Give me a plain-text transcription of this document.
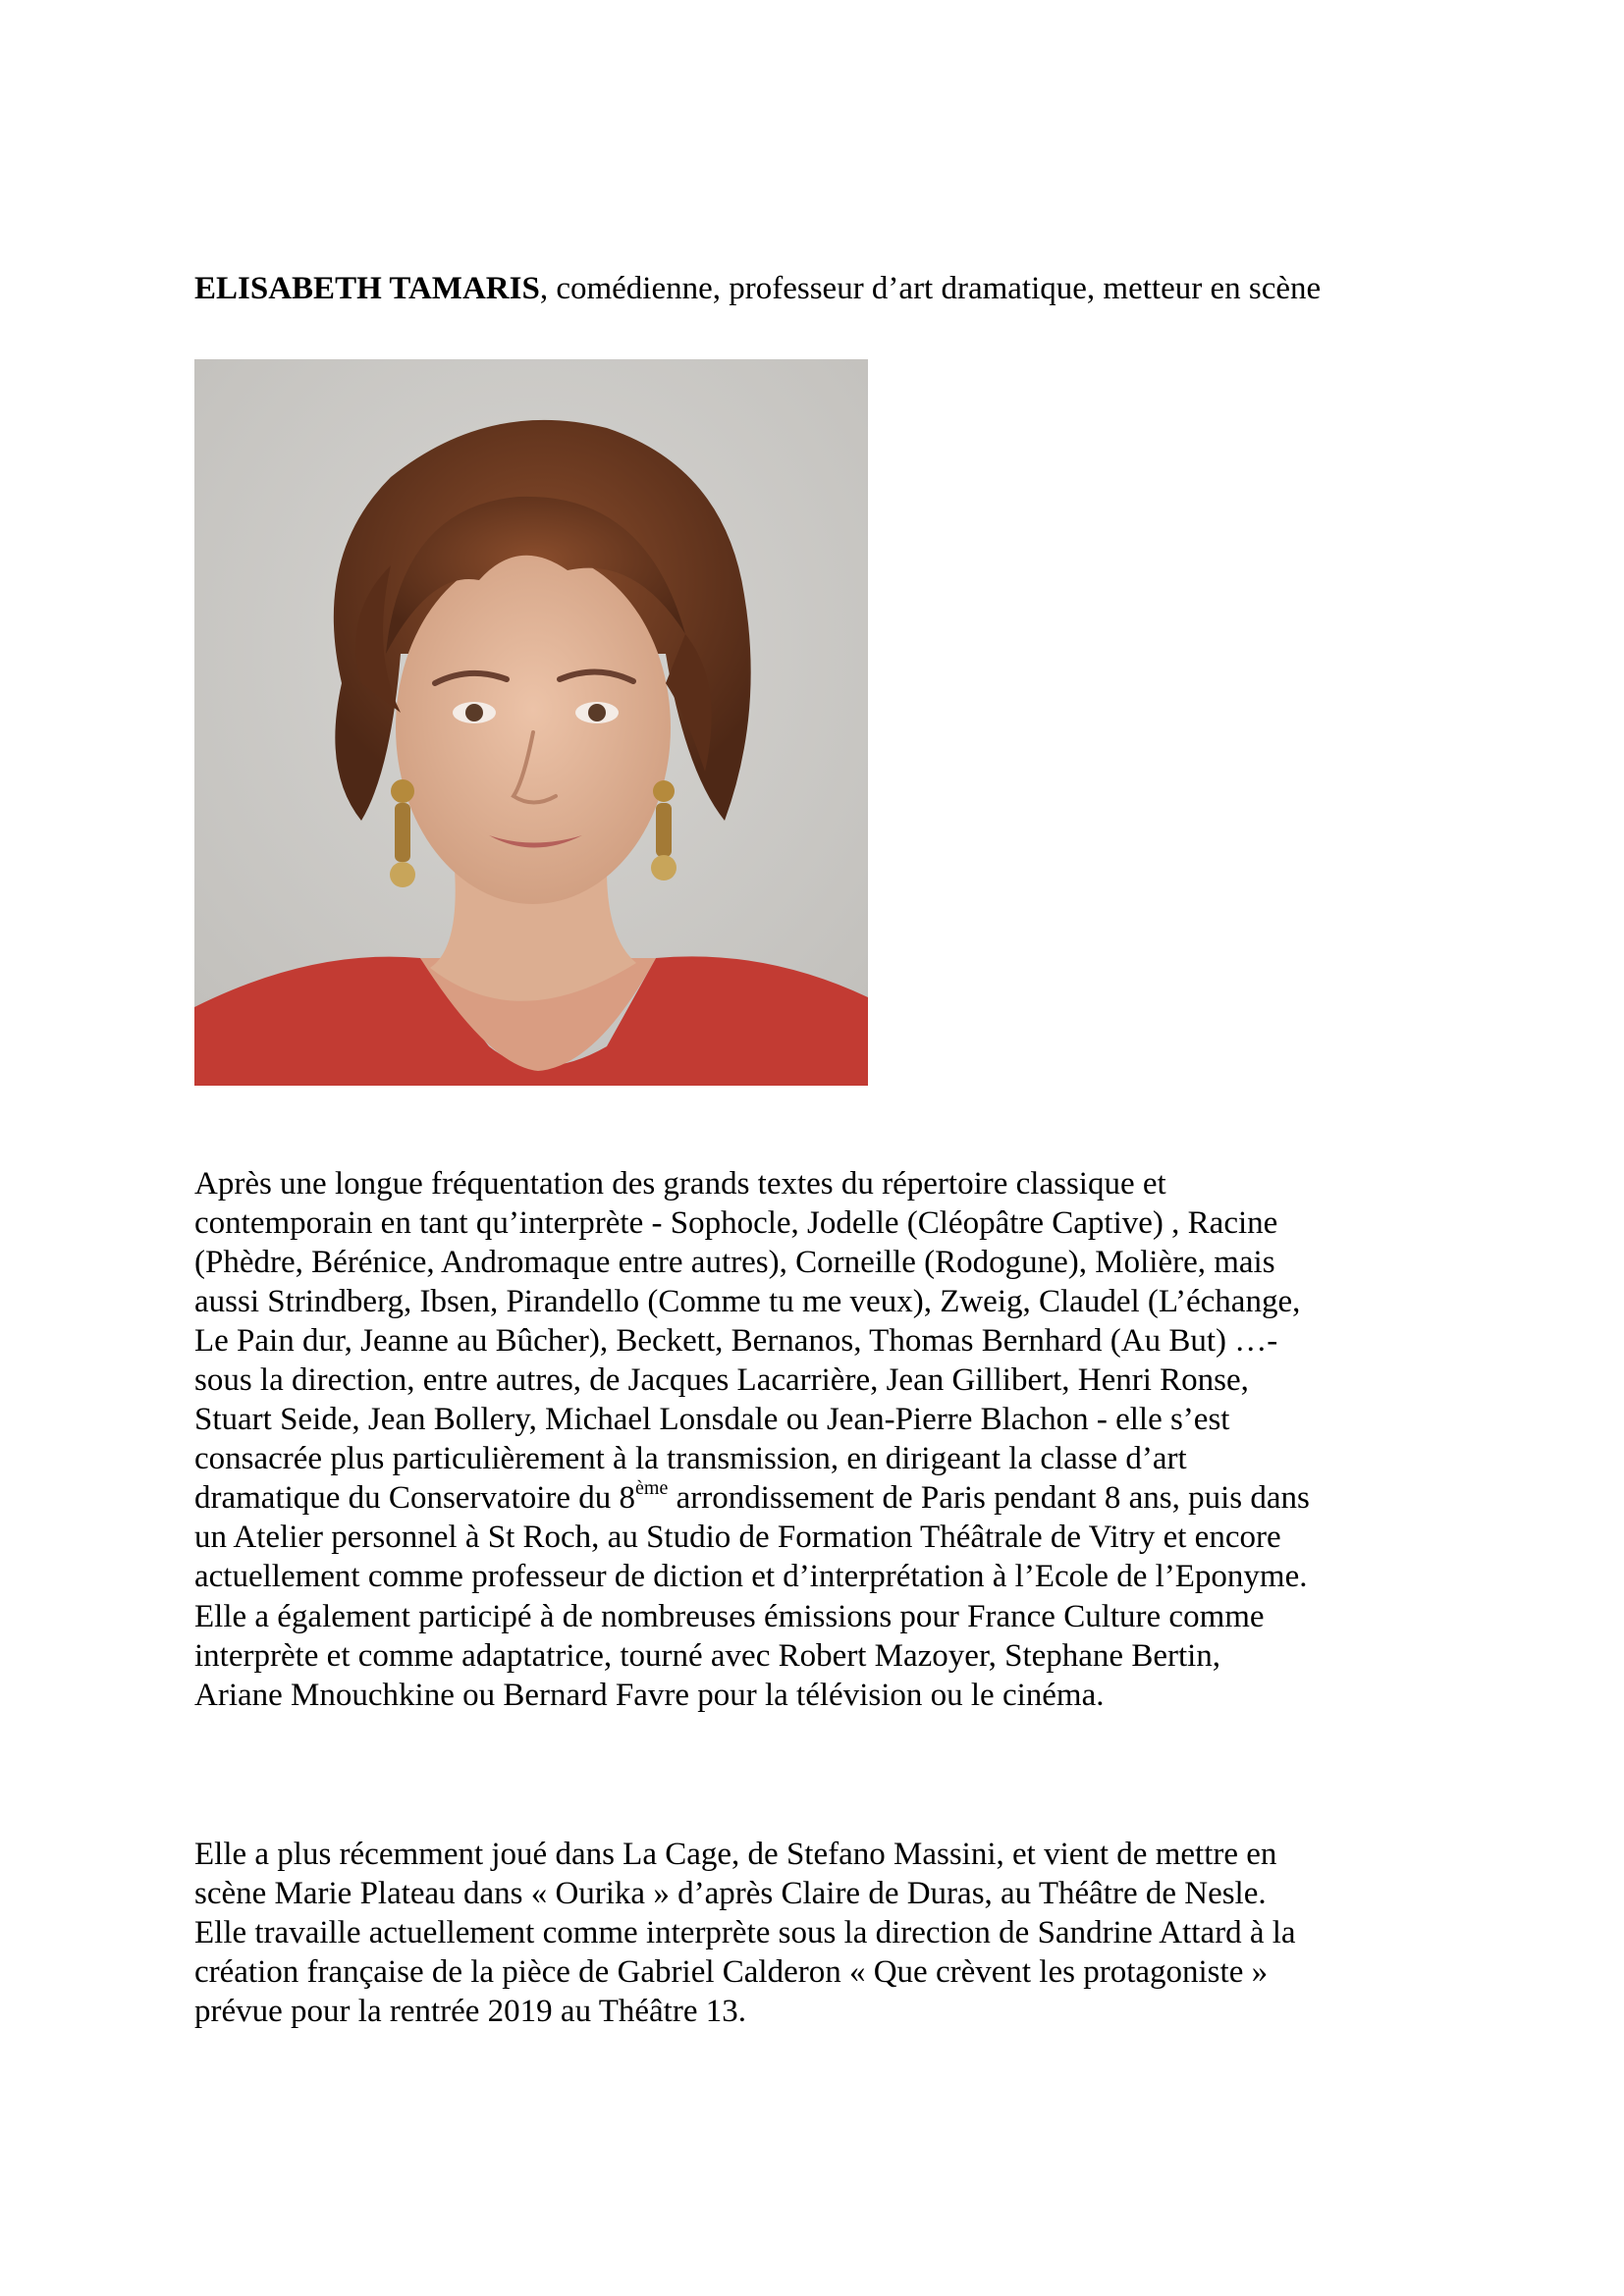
ELISABETH TAMARIS, comédienne, professeur d’art dramatique, metteur en scène
Après une longue fréquentation des grands textes du répertoire classique et
contemporain en tant qu’interprète - Sophocle, Jodelle (Cléopâtre Captive) , Racine
(Phèdre, Bérénice, Andromaque entre autres), Corneille (Rodogune), Molière, mais
aussi Strindberg, Ibsen, Pirandello (Comme tu me veux), Zweig, Claudel (L’échange,
Le Pain dur, Jeanne au Bûcher), Beckett, Bernanos, Thomas Bernhard (Au But) …-
sous la direction, entre autres, de Jacques Lacarrière, Jean Gillibert, Henri Ronse,
Stuart Seide, Jean Bollery, Michael Lonsdale ou Jean-Pierre Blachon - elle s’est
consacrée plus particulièrement à la transmission, en dirigeant la classe d’art
dramatique du Conservatoire du 8ème arrondissement de Paris pendant 8 ans, puis dans
un Atelier personnel à St Roch, au Studio de Formation Théâtrale de Vitry et encore
actuellement comme professeur de diction et d’interprétation à l’Ecole de l’Eponyme.
Elle a également participé à de nombreuses émissions pour France Culture comme
interprète et comme adaptatrice, tourné avec Robert Mazoyer, Stephane Bertin,
Ariane Mnouchkine ou Bernard Favre pour la télévision ou le cinéma.
Elle a plus récemment joué dans La Cage, de Stefano Massini, et vient de mettre en
scène Marie Plateau dans « Ourika » d’après Claire de Duras, au Théâtre de Nesle.
Elle travaille actuellement comme interprète sous la direction de Sandrine Attard à la
création française de la pièce de Gabriel Calderon « Que crèvent les protagoniste »
prévue pour la rentrée 2019 au Théâtre 13.
